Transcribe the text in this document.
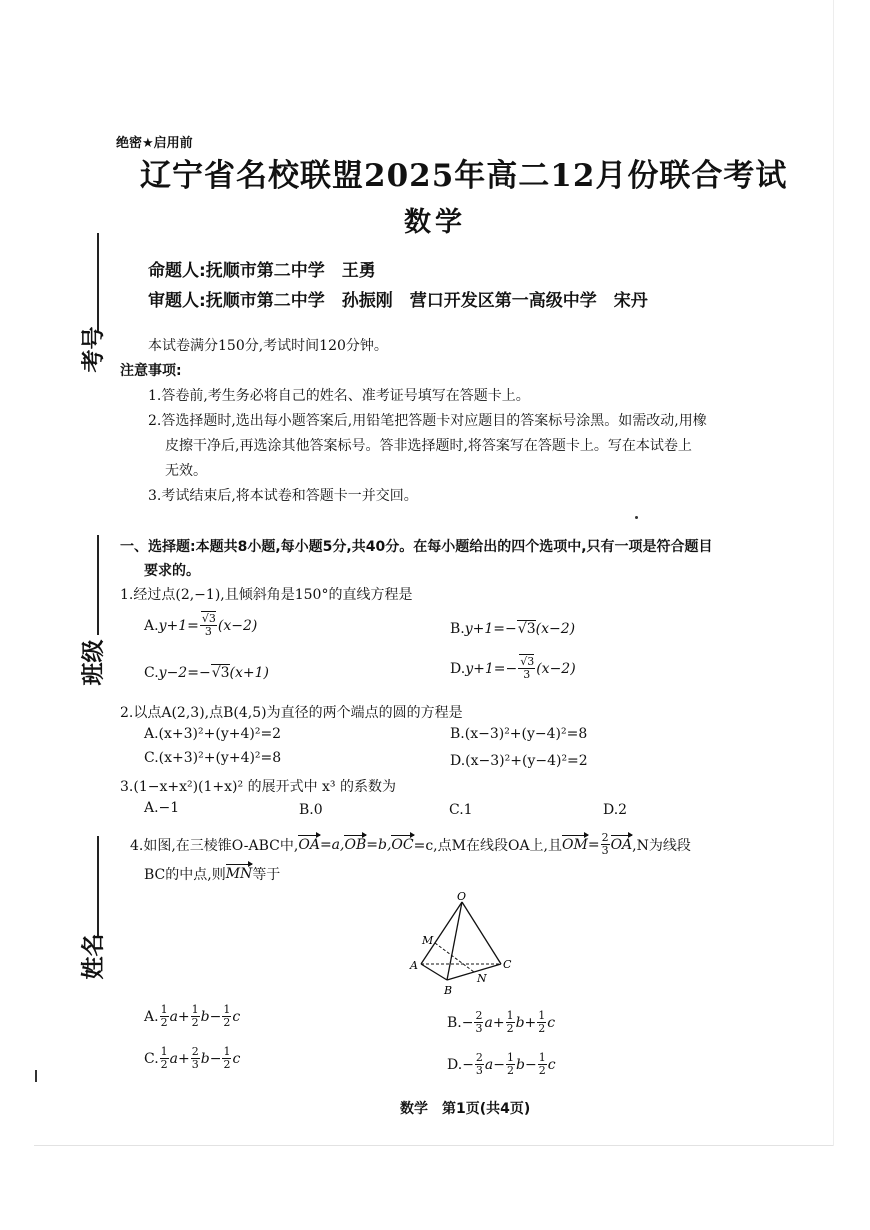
考号
班级
姓名
绝密★启用前
辽宁省名校联盟2025年高二12月份联合考试
数学
命题人:抚顺市第二中学　王勇
审题人:抚顺市第二中学　孙振刚　营口开发区第一高级中学　宋丹
本试卷满分150分,考试时间120分钟。
注意事项:
1.答卷前,考生务必将自己的姓名、准考证号填写在答题卡上。
2.答选择题时,选出每小题答案后,用铅笔把答题卡对应题目的答案标号涂黑。如需改动,用橡
皮擦干净后,再选涂其他答案标号。答非选择题时,将答案写在答题卡上。写在本试卷上
无效。
3.考试结束后,将本试卷和答题卡一并交回。
一、选择题:本题共8小题,每小题5分,共40分。在每小题给出的四个选项中,只有一项是符合题目
要求的。
1.经过点(2,−1),且倾斜角是150°的直线方程是
A. y+1= √ $\frac{3}{3} (x-2)$	B. y+1=− √ 3 (x−2)
C. y−2=− √ 3 (x+1)	D. y+1=− √ $\frac{3}{3} (x-2)$
2.以点A(2,3),点B(4,5)为直径的两个端点的圆的方程是
A.(x+3)²+(y+4)²=2	B.(x−3)²+(y−4)²=8
C.(x+3)²+(y+4)²=8	D.(x−3)²+(y−4)²=2
3.(1−x+x²)(1+x)² 的展开式中 x³ 的系数为
A.−1	B.0	C.1	D.2
4.如图,在三棱锥O-ABC中, OA =a, OB =b, OC =c,点M在线段OA上,且 OM = $\frac{2}{3}$ OA ,N为线段
BC的中点,则 MN 等于
O
M
A
B
C
N
A. $\frac{1}{2} a+ \frac{1}{2} b- \frac{1}{2}$ c	B. − $\frac{2}{3} a+ \frac{1}{2} b+ \frac{1}{2}$ c
C. $\frac{1}{2} a+ \frac{2}{3} b- \frac{1}{2}$ c	D. − $\frac{2}{3} a- \frac{1}{2} b- \frac{1}{2}$ c
数学　第1页(共4页)
